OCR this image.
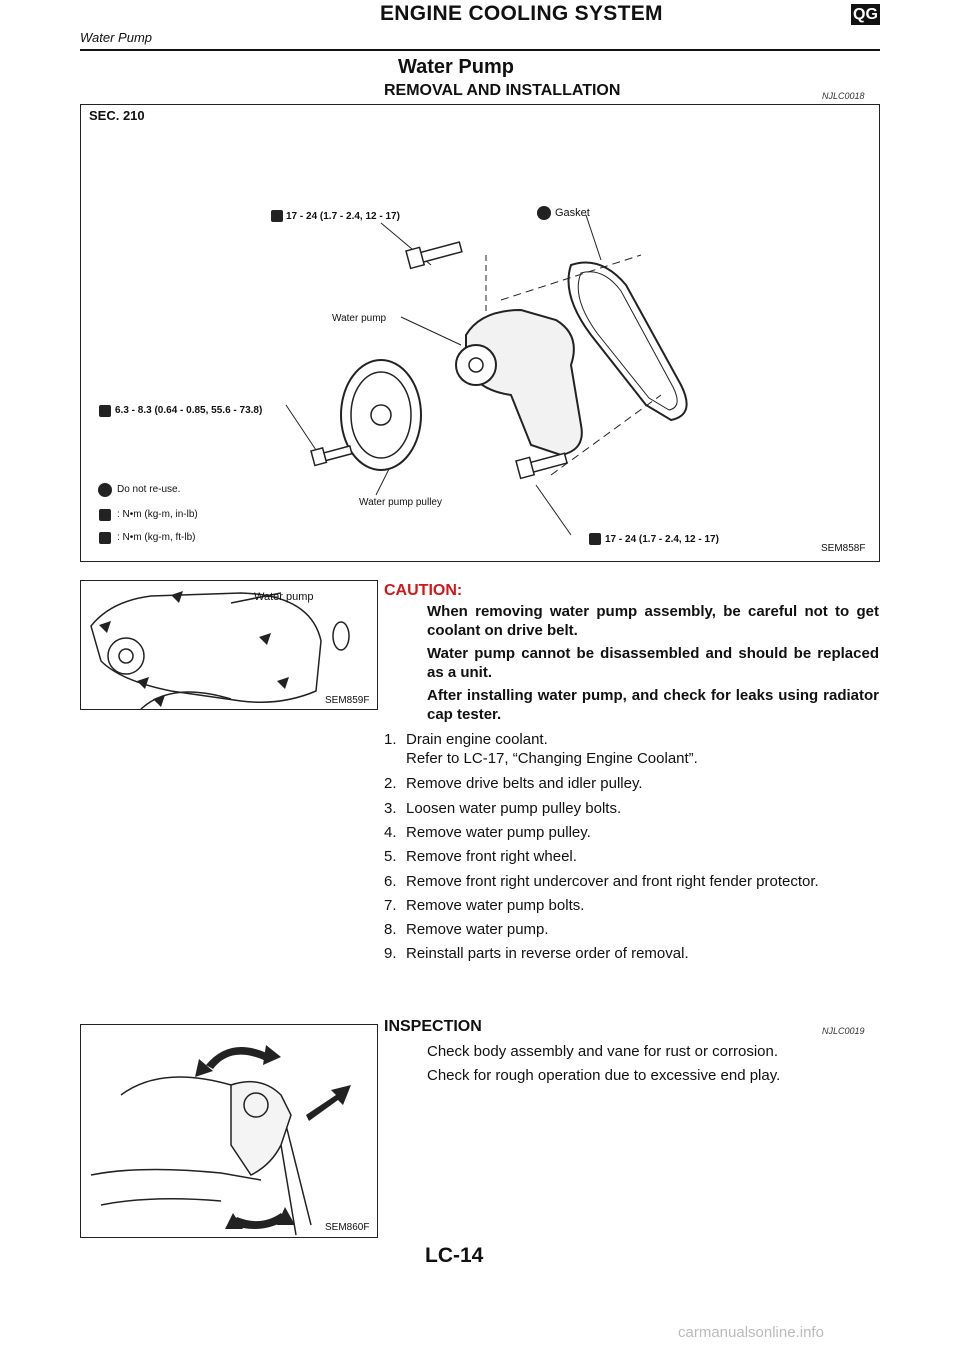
ENGINE COOLING SYSTEM	QG
Water Pump
Water Pump
REMOVAL AND INSTALLATION	NJLC0018
SEC. 210
17 - 24 (1.7 - 2.4, 12 - 17)	Gasket
Water pump
6.3 - 8.3 (0.64 - 0.85, 55.6 - 73.8)
Water pump pulley
17 - 24 (1.7 - 2.4, 12 - 17)
Do not re-use.
: N•m (kg-m, in-lb)
: N•m (kg-m, ft-lb)
SEM858F
Water pump
SEM859F
CAUTION:
When removing water pump assembly, be careful not to get coolant on drive belt.
Water pump cannot be disassembled and should be replaced as a unit.
After installing water pump, and check for leaks using radiator cap tester.
1. Drain engine coolant.
Refer to LC-17, “Changing Engine Coolant”.
2. Remove drive belts and idler pulley.
3. Loosen water pump pulley bolts.
4. Remove water pump pulley.
5. Remove front right wheel.
6. Remove front right undercover and front right fender protector.
7. Remove water pump bolts.
8. Remove water pump.
9. Reinstall parts in reverse order of removal.
SEM860F
INSPECTION	NJLC0019
Check body assembly and vane for rust or corrosion.
Check for rough operation due to excessive end play.
LC-14
carmanualsonline.info
